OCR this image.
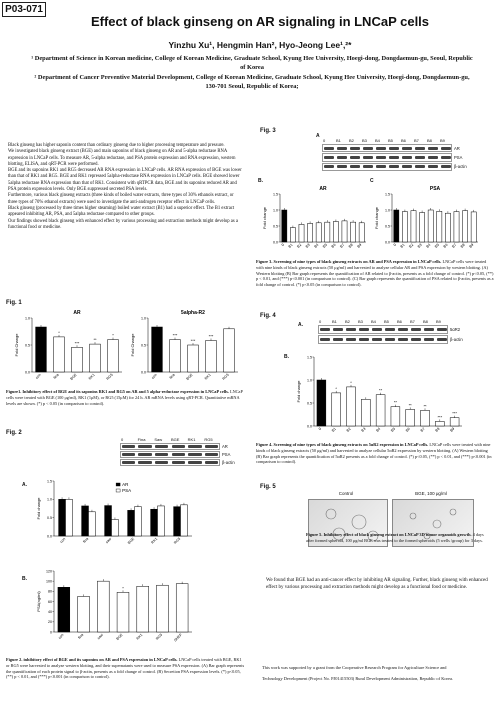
P03-071
Effect of black ginseng on AR signaling in LNCaP cells
Yinzhu Xu¹, Hengmin Han², Hyo-Jeong Lee¹,²*

¹ Department of Science in Korean medicine, College of Korean Medicine, Graduate School, Kyung Hee University, Hoegi-dong, Dongdaemun-gu, Seoul, Republic of Korea

² Department of Cancer Preventive Material Development, College of Korean Medicine, Graduate School, Kyung Hee University, Hoegi-dong, Dongdaemun-gu, 130-701 Seoul, Republic of Korea;

Black ginseng has higher saponin content than ordinary ginseng due to higher processing temperature and pressure.

We investigated black ginseng extract (BGE) and main saponins of black ginseng on AR and 5-alpha reductase RNA expression in LNCaP cells. To measure AR, 5-alpha reductase, and PSA protein expression and RNA expression, western blotting, ELISA, and qRT-PCR were performed.

BGE and its saponins RK1 and RG5 decreased AR RNA expression in LNCaP cells. AR RNA expression of BGE was lower than that of RK1 and RG5. BGE and RK1 repressed 5alpha-reductase RNA expression in LNCaP cells. BGE showed lower 5alpha reductase RNA expression than that of RK1. Consistent with qRTPCR data, BGE and its saponins reduced AR and PSA protein expression levels. Only BGE suppressed secreted PSA levels.

Furthermore, various black ginseng extracts (three kinds of boiled water extracts, three types of 30% ethanols extract, or three types of 70% ethanol extracts) were used to investigate the anti-androgen receptor effect in LNCaP cells.

Black ginseng (processed by three times higher steaming) boiled water extract (B1) had a superior effect. The B1 extract appeared inhibiting AR, PSA, and 5alpha reductase compared to other groups.

Our findings showed black ginseng with enhanced effect by various processing and extraction methods might develop as a functional food or medicine.

Fig. 1
AR
0.0
0.5
1.0
Fold Change
*
***
**
*
con	fina	BGE	RK1	RG5
5alpha-R2
0.0
0.5
1.0
Fold Change	***
***
***
con	fina	BGE	RK1	RG5
Figure1. Inhibitory effect of BGE and its saponins RK1 and RG5 on AR and 5 alpha-reductase expression in LNCaP cells. LNCaP cells were treated with BGE (100 μg/ml), RK1 (1μM), or RG5 (15μM) for 24 h. AR mRNA levels using qRT-PCR. Quantitative mRNA levels are shown. (*) p < 0.05 (in comparison to control).
Fig. 2
0	Fina Saw BGE RK1 RG5
AR
PSA
β-actin
A.
0.0
0.5
1.0
1.5
Fold change
con	fina	saw	BGE	RK1	RG5
AR
PSA
B.
0
20
40
60
80
100
120
PSA(ng/ml)
*
con	fina	saw	BGE	RK1	RG5	SHEF
Figure 2. inhibitory effect of BGE and its saponins on AR and PSA expression in LNCaP cells. LNCaP cells treated with BGE, RK1 or RG5 were harvested to analyze western blotting, and their supernatants were used to measure PSA expression. (A) Bar graph represents the quantification of each protein signal to β-actin, presents as a fold change of control. (B) Secretion PSA expression levels. (*) p<0.05, (**) p < 0.01, and (***) p<0.001 (in comparison to control).
Fig. 3
A
0	B1 B2 B3 B4 B5 B6 B7 B8 B9
AR
PSA
β-actin
B.
AR
0.0
0.5
1.0
1.5
Fold change
0 B1 B2 B3 B4 B5 B6 B7 B8 B9
C
PSA
0.0
0.5
1.0
1.5
Fold change
0 B1 B2 B3 B4 B5 B6 B7 B8 B9
Figure 3. Screening of nine types of black ginseng extracts on AR and PSA expression in LNCaP cells. LNCaP cells were treated with nine kinds of black ginseng extracts (50 μg/ml) and harvested to analyze cellular AR and PSA expression by western blotting. (A) Western blotting (B) Bar graph represents the quantification of AR related to β-actin, presents as a fold change of control. (*) p<0.05, (**) p < 0.01, and (***) p<0.001 (in comparison to control). (C) Bar graph represents the quantification of PSA related to β-actin, presents as a fold change of control. (*) p<0.05 (in comparison to control).
Fig. 4
A.
0	B1 B2 B3 B4 B5 B6 B7 B8 B9
5αR2
β-actin
B.
0.0
0.5
1.0
1.5
Fold change	*
*
**
**
**	**
***
***
0 B1 B2 B3 B4 B5 B6 B7 B8 B9
Figure 4. Screening of nine types of black ginseng extracts on 5αR2 expression in LNCaP cells. LNCaP cells were treated with nine kinds of black ginseng extracts (50 μg/ml) and harvested to analyze cellular 5αR2 expression by western blotting. (A) Western blotting (B) Bar graph represents the quantification of 5αR2 presents as a fold change of control. (*) p<0.05, (**) p < 0.01, and (***) p<0.001 (in comparison to control).
Fig. 5
Control	BGE, 100 μg/ml
Figure 5. Inhibitory effect of black ginseng extract on LNCaP 3D tumor organoids growth. 4 days after formed spheroid, 100 μg/ml BGE was treated to the formed spheroids (5 wells /group) for 3 days.
We found that BGE had an anti-cancer effect by inhibiting AR signaling. Further, black ginseng with enhanced effect by various processing and extraction methods might develop as a functional food or medicine.
This work was supported by a grant from the Cooperative Research Program for Agriculture Science and
Technology Development (Project No. PJ01415503) Rural Development Administration, Republic of Korea.
